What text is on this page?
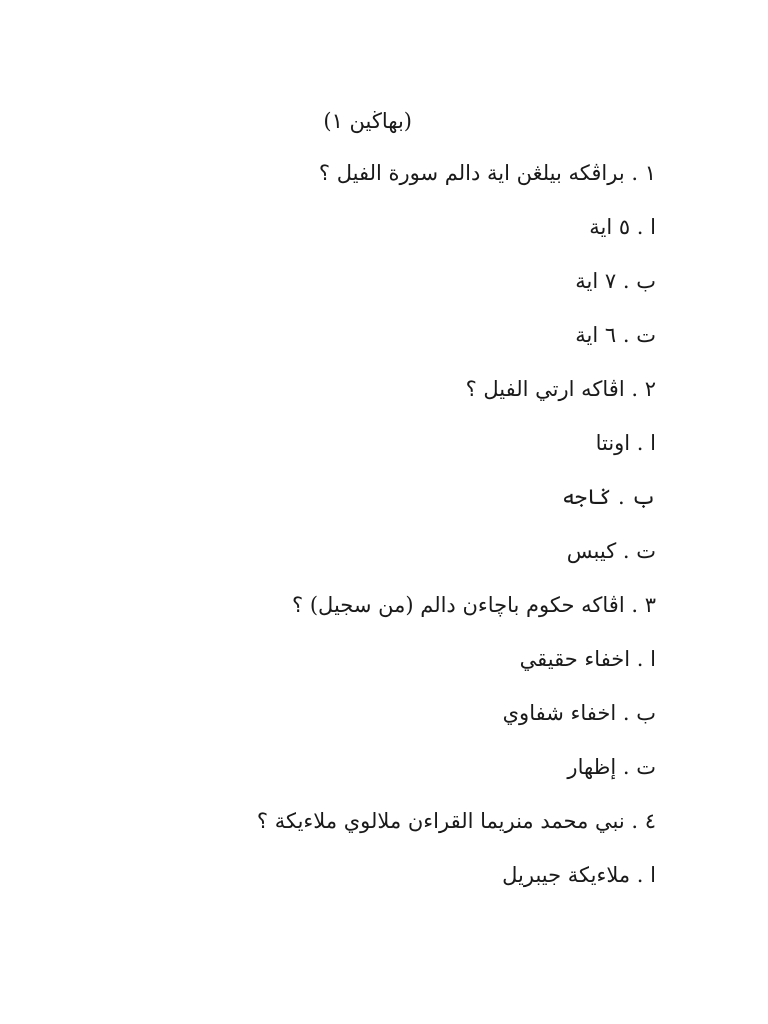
(بهاڬين ١)
١ . براڤكه بيلڠن اية دالم سورة الفيل ؟
ا . ٥ اية
ب . ٧ اية
ت . ٦ اية
٢ . اڤاكه ارتي الفيل ؟
ا . اونتا
ب . ݢاجه
ت . كيبس
٣ . اڤاكه حکوم باچاءن دالم (من سجيل) ؟
ا . اخفاء حقيقي
ب . اخفاء شفاوي
ت . إظهار
٤ . نبي محمد منريما القراءن ملالوي ملاءيكة ؟
ا . ملاءيكة جيبريل
